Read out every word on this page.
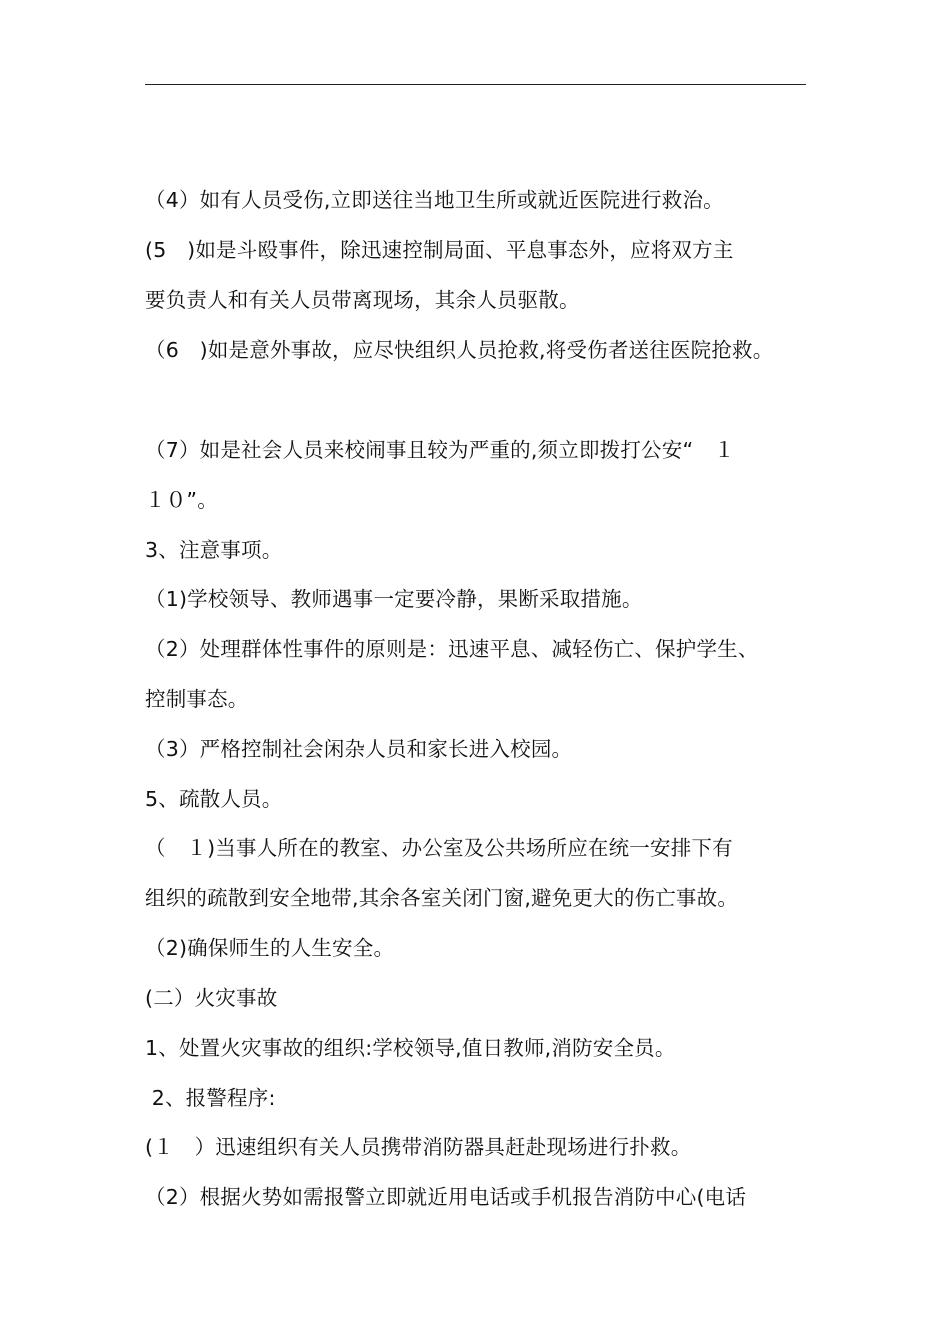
（4）如有人员受伤,立即送往当地卫生所或就近医院进行救治。
(5　)如是斗殴事件，除迅速控制局面、平息事态外，应将双方主
要负责人和有关人员带离现场，其余人员驱散。
（6　)如是意外事故，应尽快组织人员抢救,将受伤者送往医院抢救。
（7）如是社会人员来校闹事且较为严重的,须立即拨打公安“　１
１０”。
3、注意事项。
（1)学校领导、教师遇事一定要冷静，果断采取措施。
（2）处理群体性事件的原则是：迅速平息、减轻伤亡、保护学生、
控制事态。
（3）严格控制社会闲杂人员和家长进入校园。
5、疏散人员。
（　１)当事人所在的教室、办公室及公共场所应在统一安排下有
组织的疏散到安全地带,其余各室关闭门窗,避免更大的伤亡事故。
（2)确保师生的人生安全。
(二）火灾事故
1、处置火灾事故的组织:学校领导,值日教师,消防安全员。
2、报警程序:
(１　）迅速组织有关人员携带消防器具赶赴现场进行扑救。
（2）根据火势如需报警立即就近用电话或手机报告消防中心(电话
